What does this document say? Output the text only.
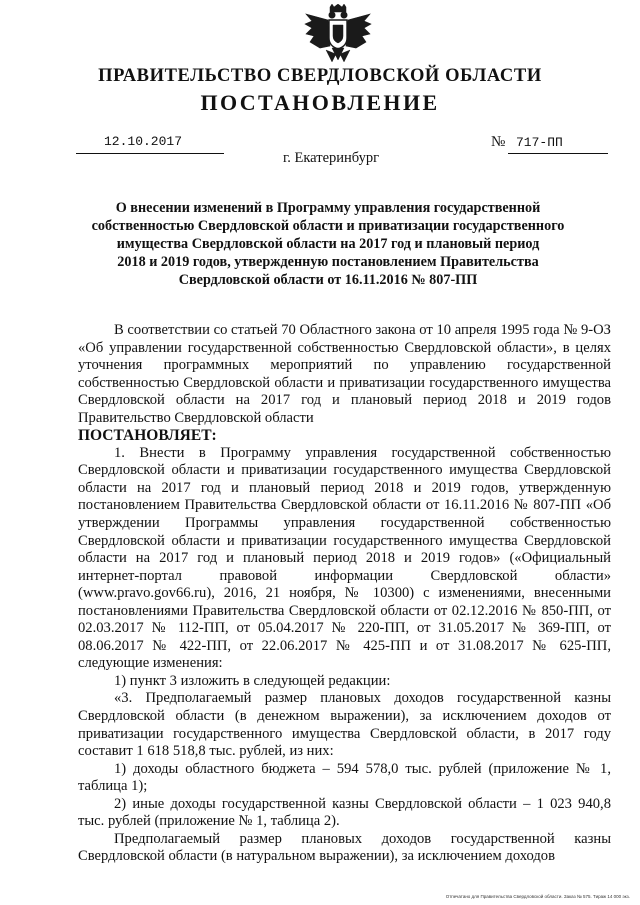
ПРАВИТЕЛЬСТВО СВЕРДЛОВСКОЙ ОБЛАСТИ
ПОСТАНОВЛЕНИЕ
12.10.2017	№ 717-ПП
г. Екатеринбург
О внесении изменений в Программу управления государственной
собственностью Свердловской области и приватизации государственного
имущества Свердловской области на 2017 год и плановый период
2018 и 2019 годов, утвержденную постановлением Правительства
Свердловской области от 16.11.2016 № 807-ПП

В соответствии со статьей 70 Областного закона от 10 апреля 1995 года № 9-ОЗ «Об управлении государственной собственностью Свердловской области», в целях уточнения программных мероприятий по управлению государственной собственностью Свердловской области и приватизации государственного имущества Свердловской области на 2017 год и плановый период 2018 и 2019 годов Правительство Свердловской области

ПОСТАНОВЛЯЕТ:

1. Внести в Программу управления государственной собственностью Свердловской области и приватизации государственного имущества Свердловской области на 2017 год и плановый период 2018 и 2019 годов, утвержденную постановлением Правительства Свердловской области от 16.11.2016 № 807-ПП «Об утверждении Программы управления государственной собственностью Свердловской области и приватизации государственного имущества Свердловской области на 2017 год и плановый период 2018 и 2019 годов» («Официальный интернет-портал правовой информации Свердловской области» (www.pravo.gov66.ru), 2016, 21 ноября, № 10300) с изменениями, внесенными постановлениями Правительства Свердловской области от 02.12.2016 № 850-ПП, от 02.03.2017 № 112-ПП, от 05.04.2017 № 220-ПП, от 31.05.2017 № 369-ПП, от 08.06.2017 № 422-ПП, от 22.06.2017 № 425-ПП и от 31.08.2017 № 625-ПП, следующие изменения:

1) пункт 3 изложить в следующей редакции:

«3. Предполагаемый размер плановых доходов государственной казны Свердловской области (в денежном выражении), за исключением доходов от приватизации государственного имущества Свердловской области, в 2017 году составит 1 618 518,8 тыс. рублей, из них:

1) доходы областного бюджета – 594 578,0 тыс. рублей (приложение № 1, таблица 1);

2) иные доходы государственной казны Свердловской области – 1 023 940,8 тыс. рублей (приложение № 1, таблица 2).

Предполагаемый размер плановых доходов государственной казны Свердловской области (в натуральном выражении), за исключением доходов

Отпечатано для Правительства Свердловской области. Заказ № 575. Тираж 14 000 экз.
